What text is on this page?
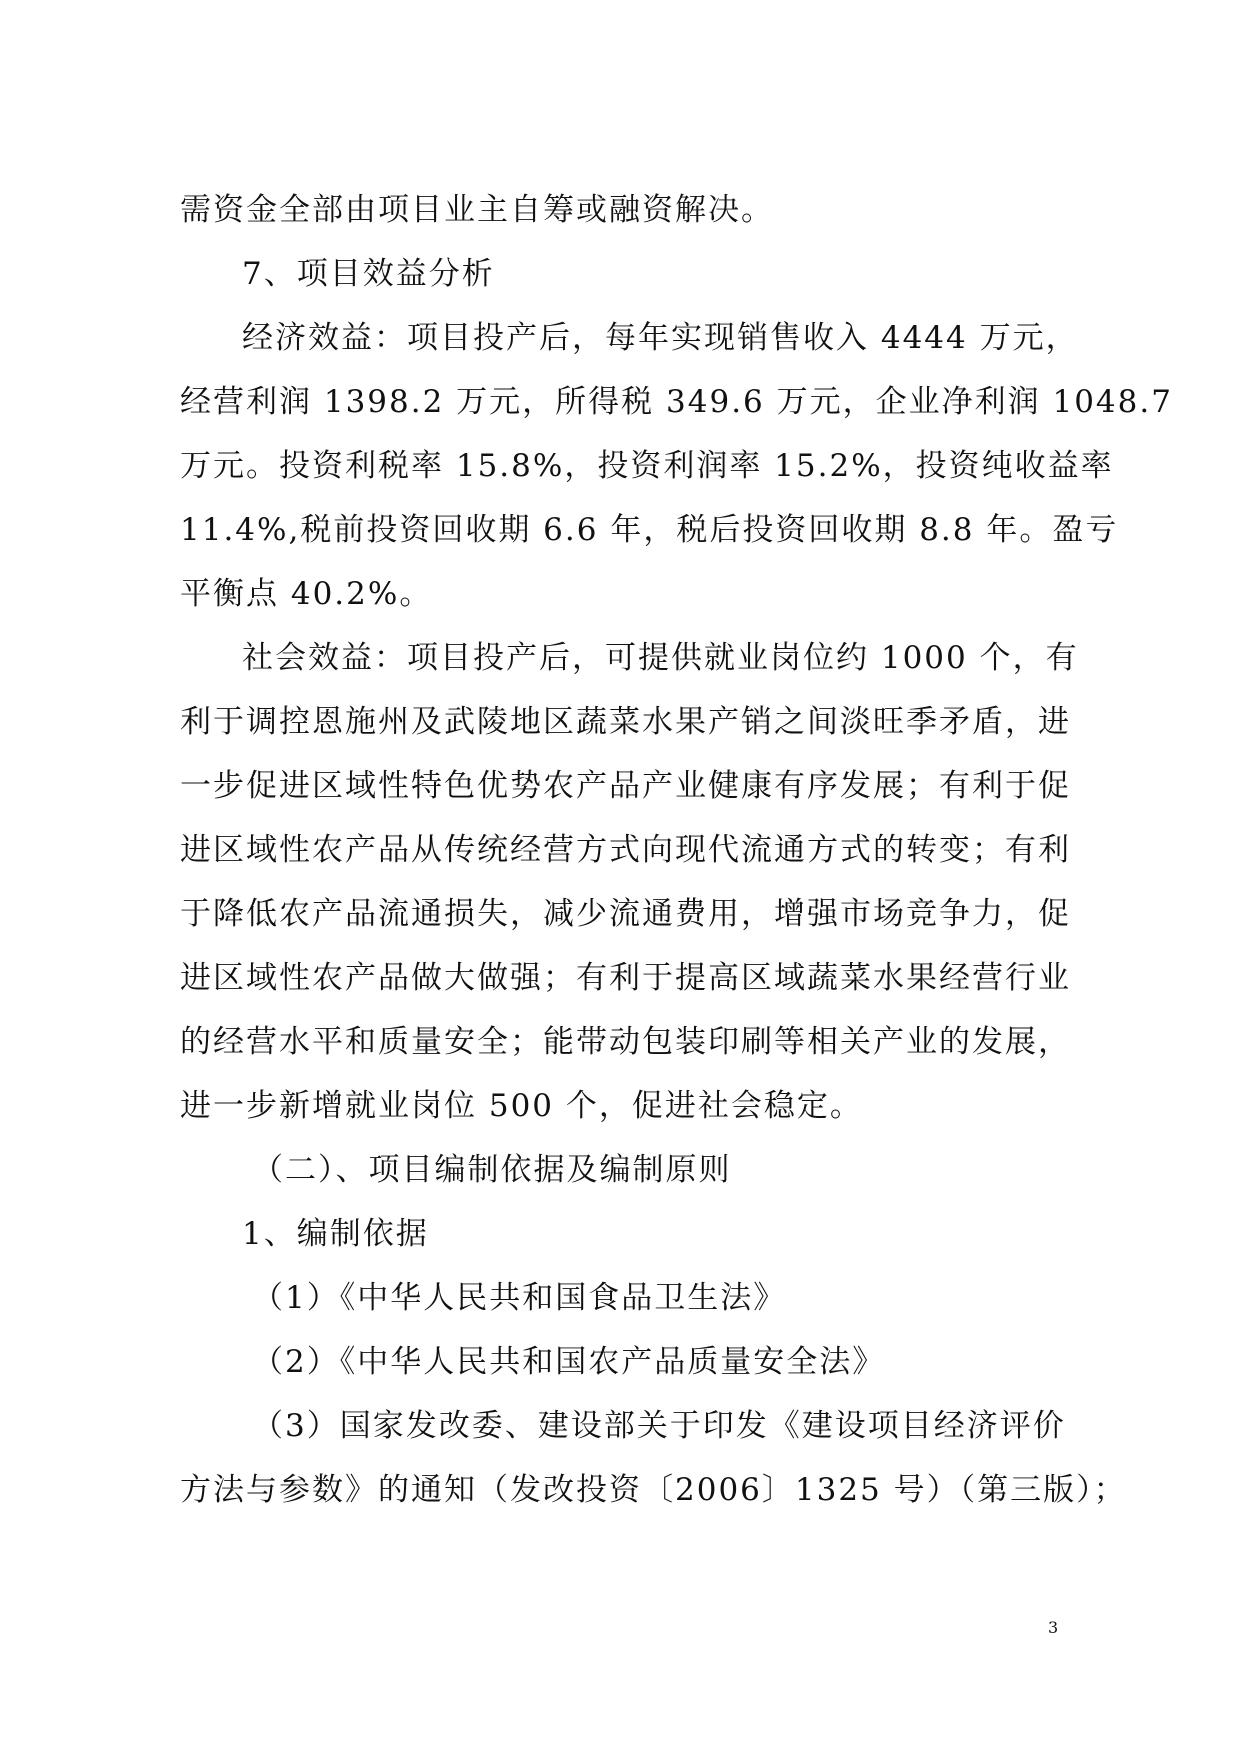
需资金全部由项目业主自筹或融资解决。
7、项目效益分析
经济效益：项目投产后，每年实现销售收入 4444 万元，
经营利润 1398.2 万元，所得税 349.6 万元，企业净利润 1048.7
万元。投资利税率 15.8%，投资利润率 15.2%，投资纯收益率
11.4%,税前投资回收期 6.6 年，税后投资回收期 8.8 年。盈亏
平衡点 40.2%。
社会效益：项目投产后，可提供就业岗位约 1000 个，有
利于调控恩施州及武陵地区蔬菜水果产销之间淡旺季矛盾，进
一步促进区域性特色优势农产品产业健康有序发展；有利于促
进区域性农产品从传统经营方式向现代流通方式的转变；有利
于降低农产品流通损失，减少流通费用，增强市场竞争力，促
进区域性农产品做大做强；有利于提高区域蔬菜水果经营行业
的经营水平和质量安全；能带动包装印刷等相关产业的发展，
进一步新增就业岗位 500 个，促进社会稳定。
（二）、项目编制依据及编制原则
1、编制依据
（1）《中华人民共和国食品卫生法》
（2）《中华人民共和国农产品质量安全法》
（3）国家发改委、建设部关于印发《建设项目经济评价
方法与参数》的通知（发改投资〔2006〕1325 号）（第三版）；
3
